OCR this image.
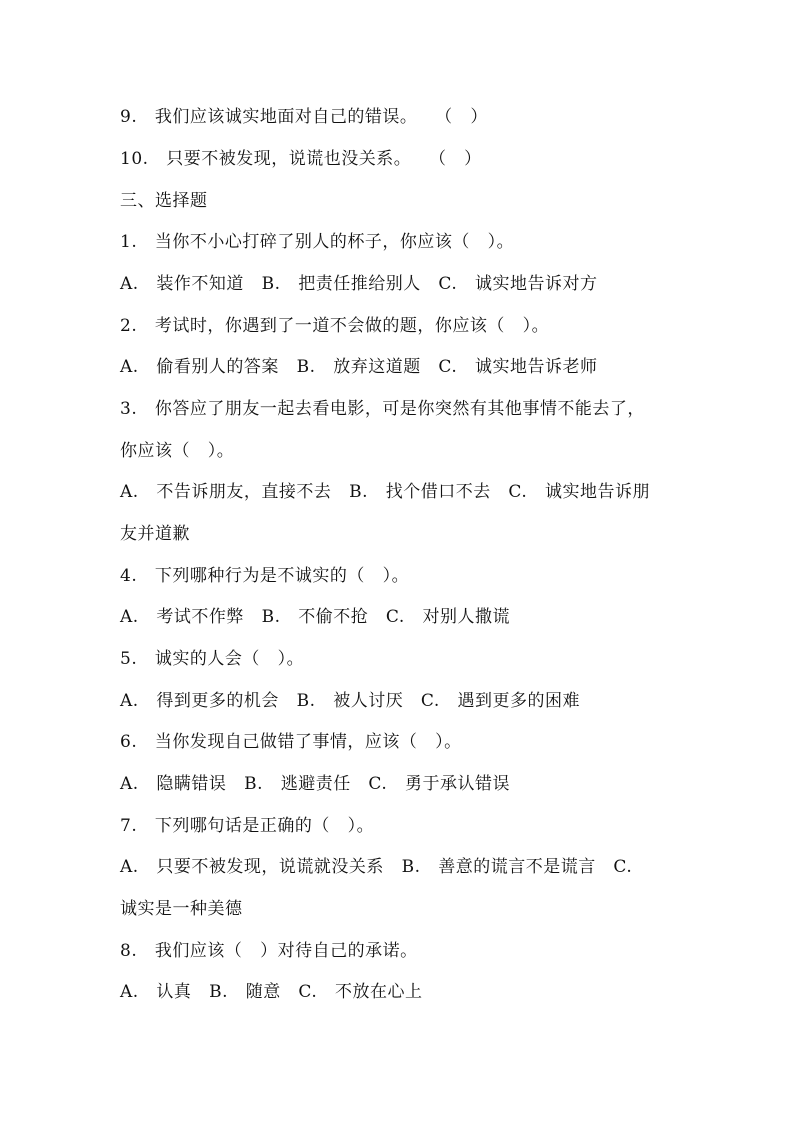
9.   我们应该诚实地面对自己的错误。   （   ）
10.   只要不被发现，说谎也没关系。   （   ）
三、选择题
1.   当你不小心打碎了别人的杯子，你应该（   ）。
A.   装作不知道   B.   把责任推给别人   C.   诚实地告诉对方
2.   考试时，你遇到了一道不会做的题，你应该（   ）。
A.   偷看别人的答案   B.   放弃这道题   C.   诚实地告诉老师
3.   你答应了朋友一起去看电影，可是你突然有其他事情不能去了，
你应该（   ）。
A.   不告诉朋友，直接不去   B.   找个借口不去   C.   诚实地告诉朋
友并道歉
4.   下列哪种行为是不诚实的（   ）。
A.   考试不作弊   B.   不偷不抢   C.   对别人撒谎
5.   诚实的人会（   ）。
A.   得到更多的机会   B.   被人讨厌   C.   遇到更多的困难
6.   当你发现自己做错了事情，应该（   ）。
A.   隐瞒错误   B.   逃避责任   C.   勇于承认错误
7.   下列哪句话是正确的（   ）。
A.   只要不被发现，说谎就没关系   B.   善意的谎言不是谎言   C.
诚实是一种美德
8.   我们应该（   ）对待自己的承诺。
A.   认真   B.   随意   C.   不放在心上
